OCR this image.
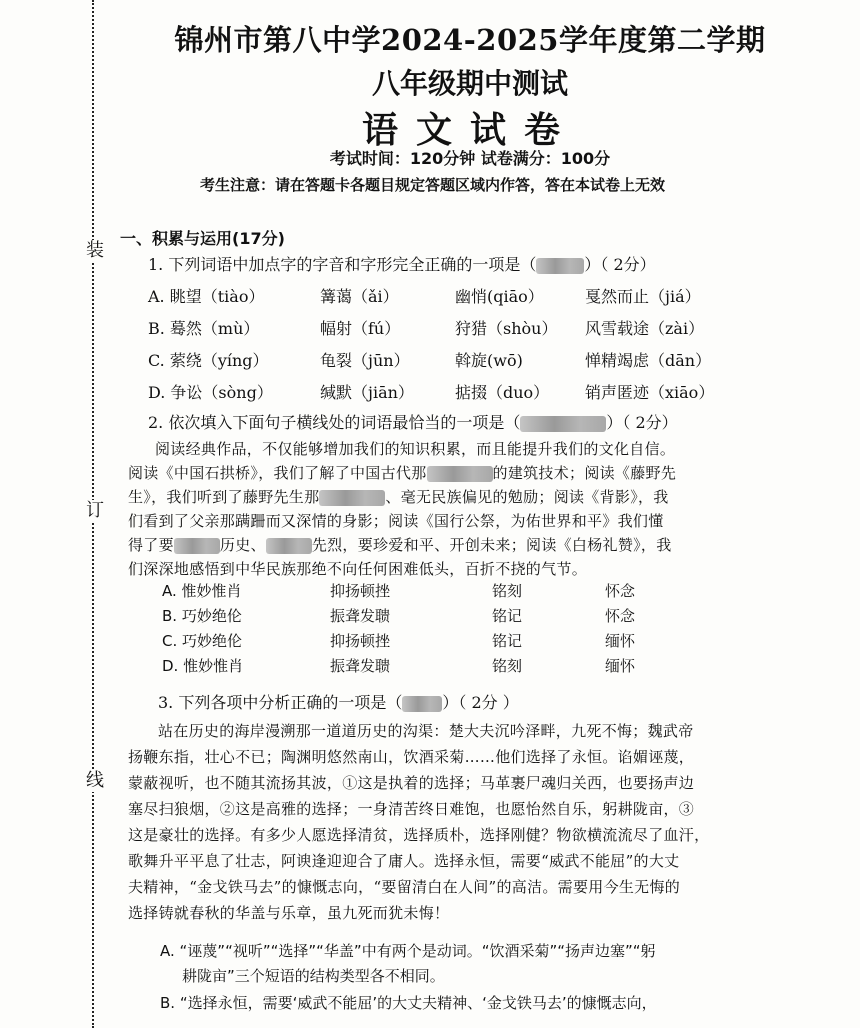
装
订
线
锦州市第八中学2024-2025学年度第二学期
八年级期中测试
语文试卷
考试时间：120分钟 试卷满分：100分
考生注意：请在答题卡各题目规定答题区域内作答，答在本试卷上无效
一、积累与运用(17分)
1. 下列词语中加点字的字音和字形完全正确的一项是（	）（ 2分）
A. 眺望（tiào）	篝蔼（ǎi）	幽悄(qiāo）	戛然而止（jiá）
B. 蓦然（mù）	幅射（fú）	狩猎（shòu） 风雪载途（zài）
C. 萦绕（yíng）	龟裂（jūn）	斡旋(wō)	惮精竭虑（dān）
D. 争讼（sòng）	缄默（jiān）	掂掇（duo） 销声匿迹（xiāo）
2. 依次填入下面句子横线处的词语最恰当的一项是（	）（ 2分）
阅读经典作品，不仅能够增加我们的知识积累，而且能提升我们的文化自信。
阅读《中国石拱桥》，我们了解了中国古代那	的建筑技术；阅读《藤野先
生》，我们听到了藤野先生那	、毫无民族偏见的勉励；阅读《背影》，我
们看到了父亲那蹒跚而又深情的身影；阅读《国行公祭，为佑世界和平》我们懂
得了要	历史、	先烈，要珍爱和平、开创未来；阅读《白杨礼赞》，我
们深深地感悟到中华民族那绝不向任何困难低头，百折不挠的气节。
A. 惟妙惟肖	抑扬顿挫	铭刻	怀念
B. 巧妙绝伦	振聋发聩	铭记	怀念
C. 巧妙绝伦	抑扬顿挫	铭记	缅怀
D. 惟妙惟肖	振聋发聩	铭刻	缅怀
3. 下列各项中分析正确的一项是（	）（ 2分 ）
站在历史的海岸漫溯那一道道历史的沟渠：楚大夫沉吟泽畔，九死不悔；魏武帝
扬鞭东指，壮心不已；陶渊明悠然南山，饮酒采菊……他们选择了永恒。谄媚诬蔑，
蒙蔽视听，也不随其流扬其波，①这是执着的选择；马革裹尸魂归关西，也要扬声边
塞尽扫狼烟，②这是高雅的选择；一身清苦终日难饱，也愿怡然自乐，躬耕陇亩，③
这是豪壮的选择。有多少人愿选择清贫，选择质朴，选择刚健？物欲横流流尽了血汗，
歌舞升平平息了壮志，阿谀逢迎迎合了庸人。选择永恒，需要“威武不能屈”的大丈
夫精神，“金戈铁马去”的慷慨志向，“要留清白在人间”的高洁。需要用今生无悔的
选择铸就春秋的华盖与乐章，虽九死而犹未悔！
A. “诬蔑”“视听”“选择”“华盖”中有两个是动词。“饮酒采菊”“扬声边塞”“躬
耕陇亩”三个短语的结构类型各不相同。
B. “选择永恒，需要‘威武不能屈’的大丈夫精神、‘金戈铁马去’的慷慨志向，
